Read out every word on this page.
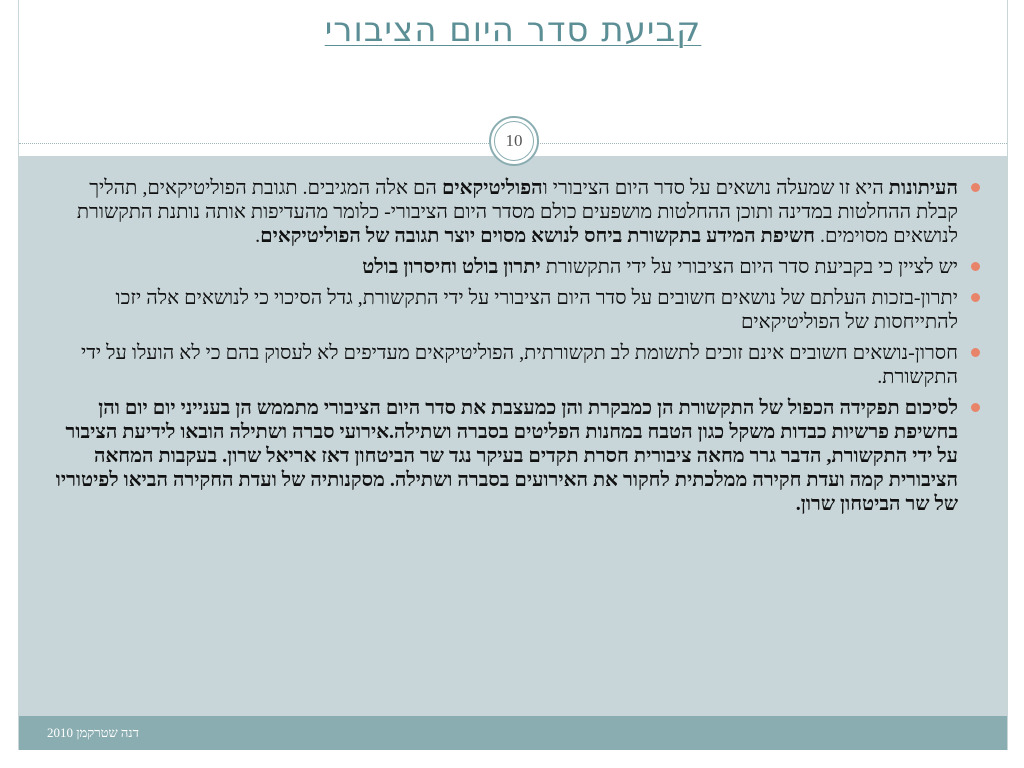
קביעת סדר היום הציבורי
10
העיתונות היא זו שמעלה נושאים על סדר היום הציבורי והפוליטיקאים הם אלה המגיבים. תגובת הפוליטיקאים, תהליך קבלת ההחלטות במדינה ותוכן ההחלטות מושפעים כולם מסדר היום הציבורי- כלומר מהעדיפות אותה נותנת התקשורת לנושאים מסוימים. חשיפת המידע בתקשורת ביחס לנושא מסוים יוצר תגובה של הפוליטיקאים.
יש לציין כי בקביעת סדר היום הציבורי על ידי התקשורת יתרון בולט וחיסרון בולט
יתרון-בזכות העלתם של נושאים חשובים על סדר היום הציבורי על ידי התקשורת, גדל הסיכוי כי לנושאים אלה יזכו להתייחסות של הפוליטיקאים
חסרון-נושאים חשובים אינם זוכים לתשומת לב תקשורתית, הפוליטיקאים מעדיפים לא לעסוק בהם כי לא הועלו על ידי התקשורת.
לסיכום תפקידה הכפול של התקשורת הן כמבקרת והן כמעצבת את סדר היום הציבורי מתממש הן בענייני יום יום והן בחשיפת פרשיות כבדות משקל כגון הטבח במחנות הפליטים בסברה ושתילה.אירועי סברה ושתילה הובאו לידיעת הציבור על ידי התקשורת, הדבר גרר מחאה ציבורית חסרת תקדים בעיקר נגד שר הביטחון דאז אריאל שרון. בעקבות המחאה הציבורית קמה ועדת חקירה ממלכתית לחקור את האירועים בסברה ושתילה. מסקנותיה של ועדת החקירה הביאו לפיטוריו של שר הביטחון שרון.
דנה שטרקמן 2010
